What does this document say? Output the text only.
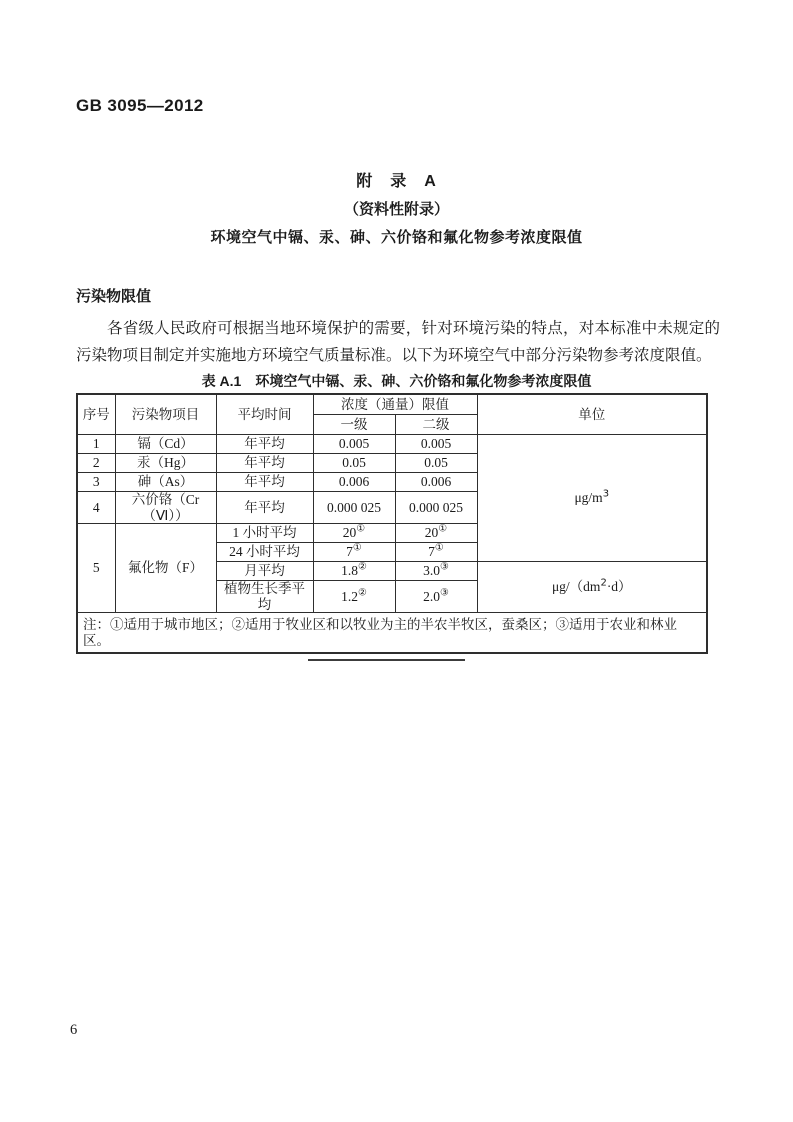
GB 3095—2012
附　录　A
（资料性附录）
环境空气中镉、汞、砷、六价铬和氟化物参考浓度限值
污染物限值

各省级人民政府可根据当地环境保护的需要，针对环境污染的特点，对本标准中未规定的污染物项目制定并实施地方环境空气质量标准。以下为环境空气中部分污染物参考浓度限值。

表 A.1　环境空气中镉、汞、砷、六价铬和氟化物参考浓度限值
序号	污染物项目	平均时间	浓度（通量）限值		单位
			一级	二级	
1	镉（Cd）	年平均	0.005	0.005	$\mu g/m^3$
2	汞（Hg）	年平均	0.05	0.05	
3	砷（As）	年平均	0.006	0.006	
4	六价铬（Cr（Ⅵ））	年平均	0.000 025	0.000 025	
5	氟化物（F）	1 小时平均	20①	20①
		24 小时平均	7①	7①
		月平均	1.8②	3.0③	$\mu g/(dm^2\cdot d)$
		植物生长季平均	1.2②	2.0③
注：①适用于城市地区；②适用于牧业区和以牧业为主的半农半牧区，蚕桑区；③适用于农业和林业区。					
6
